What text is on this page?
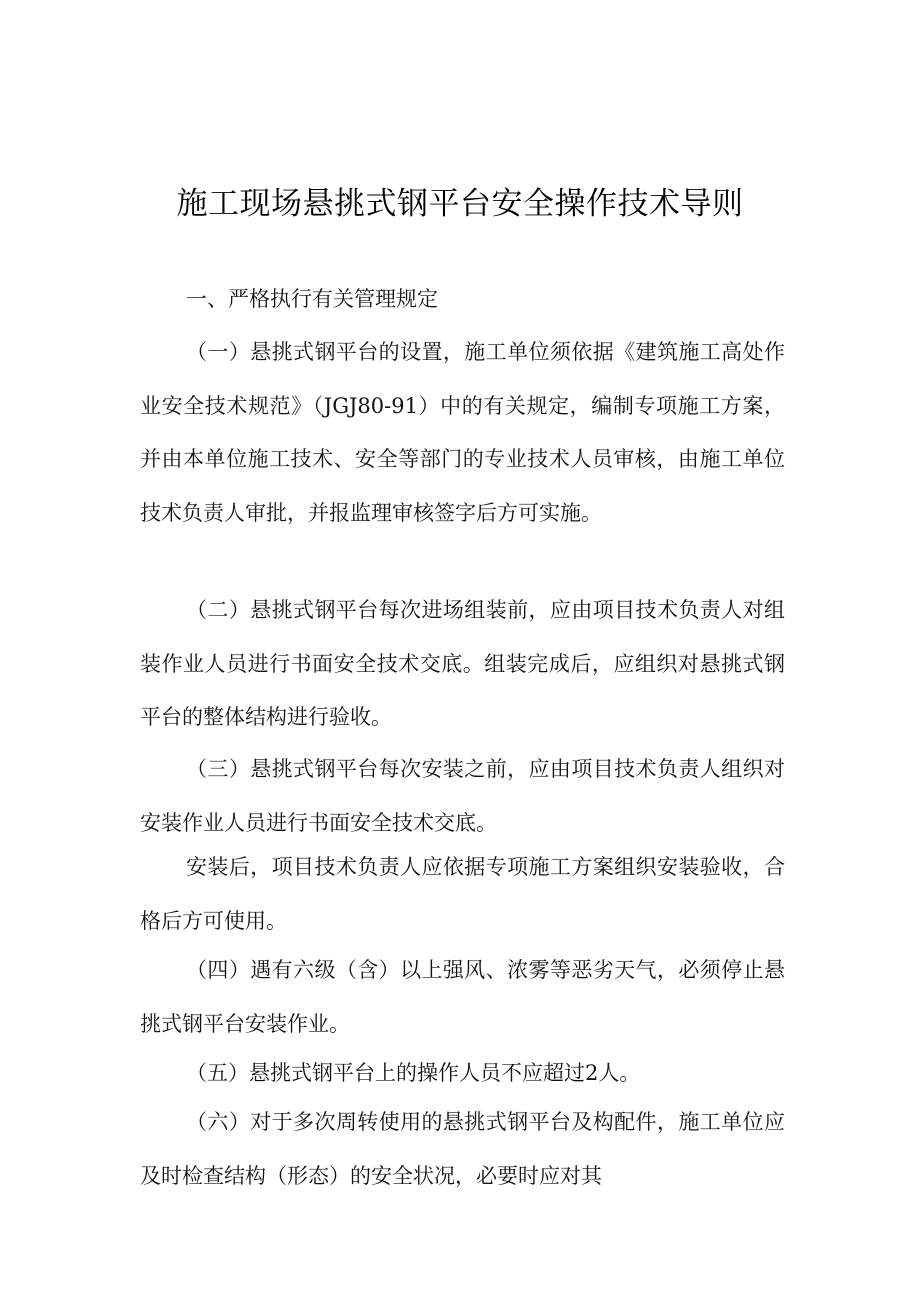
施工现场悬挑式钢平台安全操作技术导则

一、严格执行有关管理规定

（一）悬挑式钢平台的设置，施工单位须依据《建筑施工高处作业安全技术规范》（JGJ80-91）中的有关规定，编制专项施工方案，并由本单位施工技术、安全等部门的专业技术人员审核，由施工单位技术负责人审批，并报监理审核签字后方可实施。

（二）悬挑式钢平台每次进场组装前，应由项目技术负责人对组装作业人员进行书面安全技术交底。组装完成后，应组织对悬挑式钢平台的整体结构进行验收。

（三）悬挑式钢平台每次安装之前，应由项目技术负责人组织对安装作业人员进行书面安全技术交底。

安装后，项目技术负责人应依据专项施工方案组织安装验收，合格后方可使用。

（四）遇有六级（含）以上强风、浓雾等恶劣天气，必须停止悬挑式钢平台安装作业。

（五）悬挑式钢平台上的操作人员不应超过2人。

（六）对于多次周转使用的悬挑式钢平台及构配件，施工单位应及时检查结构（形态）的安全状况，必要时应对其
